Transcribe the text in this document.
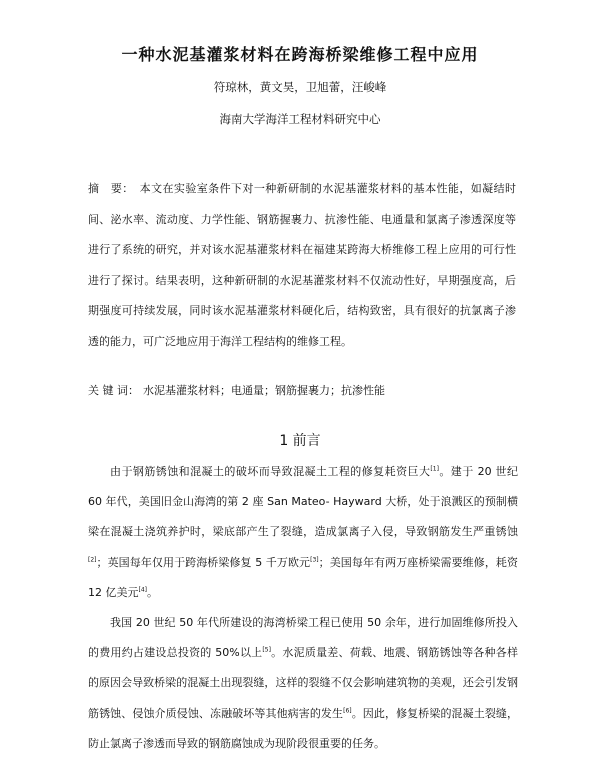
一种水泥基灌浆材料在跨海桥梁维修工程中应用
符琼林，黄文昊，卫旭蕾，汪峻峰
海南大学海洋工程材料研究中心
摘　要： 本文在实验室条件下对一种新研制的水泥基灌浆材料的基本性能，如凝结时间、泌水率、流动度、力学性能、钢筋握裹力、抗渗性能、电通量和氯离子渗透深度等进行了系统的研究，并对该水泥基灌浆材料在福建某跨海大桥维修工程上应用的可行性进行了探讨。结果表明，这种新研制的水泥基灌浆材料不仅流动性好，早期强度高，后期强度可持续发展，同时该水泥基灌浆材料硬化后，结构致密，具有很好的抗氯离子渗透的能力，可广泛地应用于海洋工程结构的维修工程。
关 键 词： 水泥基灌浆材料；电通量；钢筋握裹力；抗渗性能
1 前言

由于钢筋锈蚀和混凝土的破坏而导致混凝土工程的修复耗资巨大[1]。建于 20 世纪 60 年代，美国旧金山海湾的第 2 座 San Mateo- Hayward 大桥，处于浪溅区的预制横梁在混凝土浇筑养护时，梁底部产生了裂缝，造成氯离子入侵，导致钢筋发生严重锈蚀[2]；英国每年仅用于跨海桥梁修复 5 千万欧元[3]；美国每年有两万座桥梁需要维修，耗资 12 亿美元[4]。

我国 20 世纪 50 年代所建设的海湾桥梁工程已使用 50 余年，进行加固维修所投入的费用约占建设总投资的 50%以上[5]。水泥质量差、荷载、地震、钢筋锈蚀等各种各样的原因会导致桥梁的混凝土出现裂缝，这样的裂缝不仅会影响建筑物的美观，还会引发钢筋锈蚀、侵蚀介质侵蚀、冻融破坏等其他病害的发生[6]。因此，修复桥梁的混凝土裂缝，防止氯离子渗透而导致的钢筋腐蚀成为现阶段很重要的任务。
